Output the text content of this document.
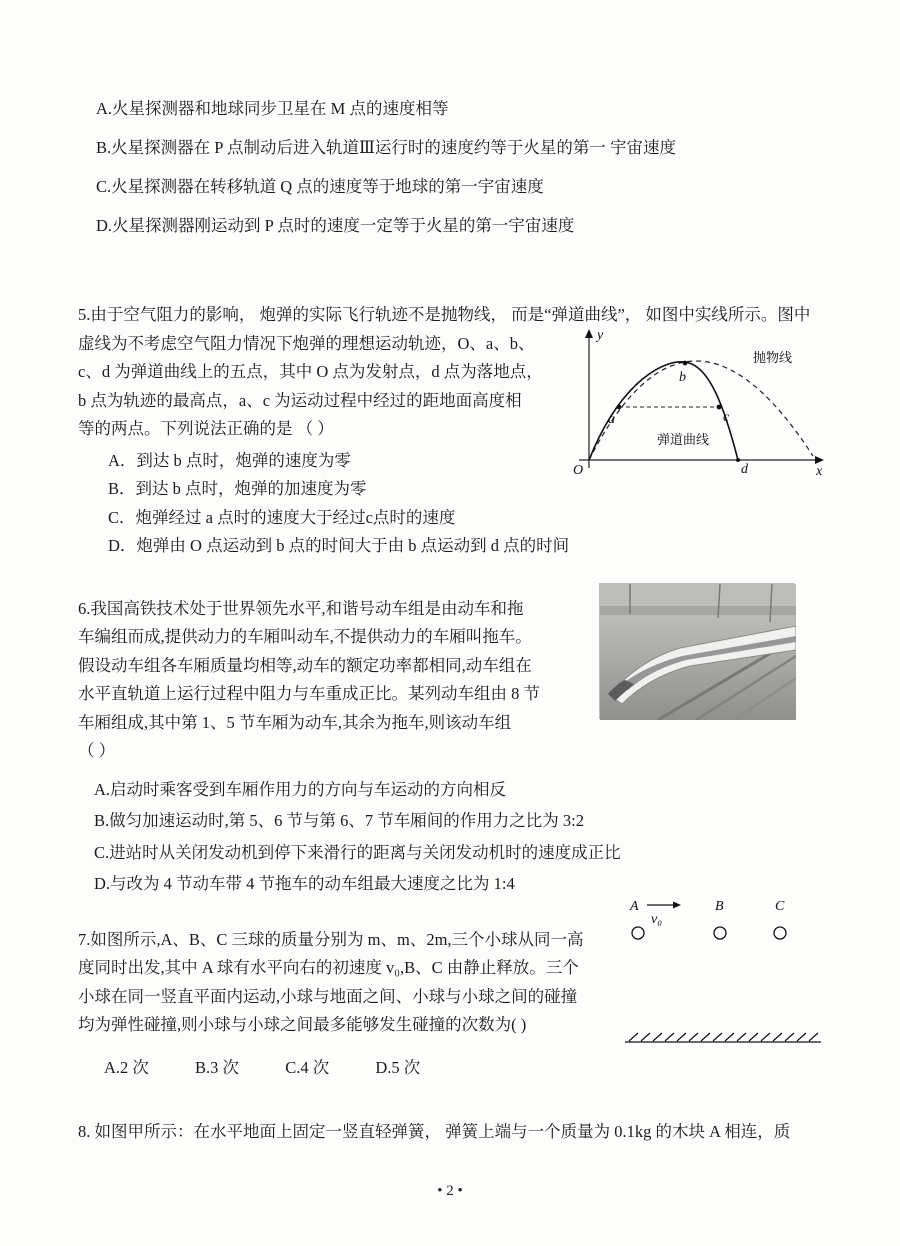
A.火星探测器和地球同步卫星在 M 点的速度相等
B.火星探测器在 P 点制动后进入轨道Ⅲ运行时的速度约等于火星的第一 宇宙速度
C.火星探测器在转移轨道 Q 点的速度等于地球的第一宇宙速度
D.火星探测器刚运动到 P 点时的速度一定等于火星的第一宇宙速度
5.由于空气阻力的影响， 炮弹的实际飞行轨迹不是抛物线， 而是“弹道曲线”， 如图中实线所示。图中
虚线为不考虑空气阻力情况下炮弹的理想运动轨迹，O、a、b、
c、d 为弹道曲线上的五点，其中 O 点为发射点，d 点为落地点，
b 点为轨迹的最高点，a、c 为运动过程中经过的距地面高度相
等的两点。下列说法正确的是 （ ）
y
x
O
a
b
c
d
抛物线
弹道曲线
A．到达 b 点时，炮弹的速度为零
B．到达 b 点时，炮弹的加速度为零
C．炮弹经过 a 点时的速度大于经过c点时的速度
D．炮弹由 O 点运动到 b 点的时间大于由 b 点运动到 d 点的时间
6.我国高铁技术处于世界领先水平,和谐号动车组是由动车和拖
车编组而成,提供动力的车厢叫动车,不提供动力的车厢叫拖车。
假设动车组各车厢质量均相等,动车的额定功率都相同,动车组在
水平直轨道上运行过程中阻力与车重成正比。某列动车组由 8 节
车厢组成,其中第 1、5 节车厢为动车,其余为拖车,则该动车组
（ ）
A.启动时乘客受到车厢作用力的方向与车运动的方向相反
B.做匀加速运动时,第 5、6 节与第 6、7 节车厢间的作用力之比为 3:2
C.进站时从关闭发动机到停下来滑行的距离与关闭发动机时的速度成正比
D.与改为 4 节动车带 4 节拖车的动车组最大速度之比为 1:4
7.如图所示,A、B、C 三球的质量分别为 m、m、2m,三个小球从同一高
度同时出发,其中 A 球有水平向右的初速度 v₀,B、C 由静止释放。三个
小球在同一竖直平面内运动,小球与地面之间、小球与小球之间的碰撞
均为弹性碰撞,则小球与小球之间最多能够发生碰撞的次数为( )
A
v₀
B	C
A.2 次	B.3 次	C.4 次	D.5 次
8. 如图甲所示：在水平地面上固定一竖直轻弹簧， 弹簧上端与一个质量为 0.1kg 的木块 A 相连，质
• 2 •
